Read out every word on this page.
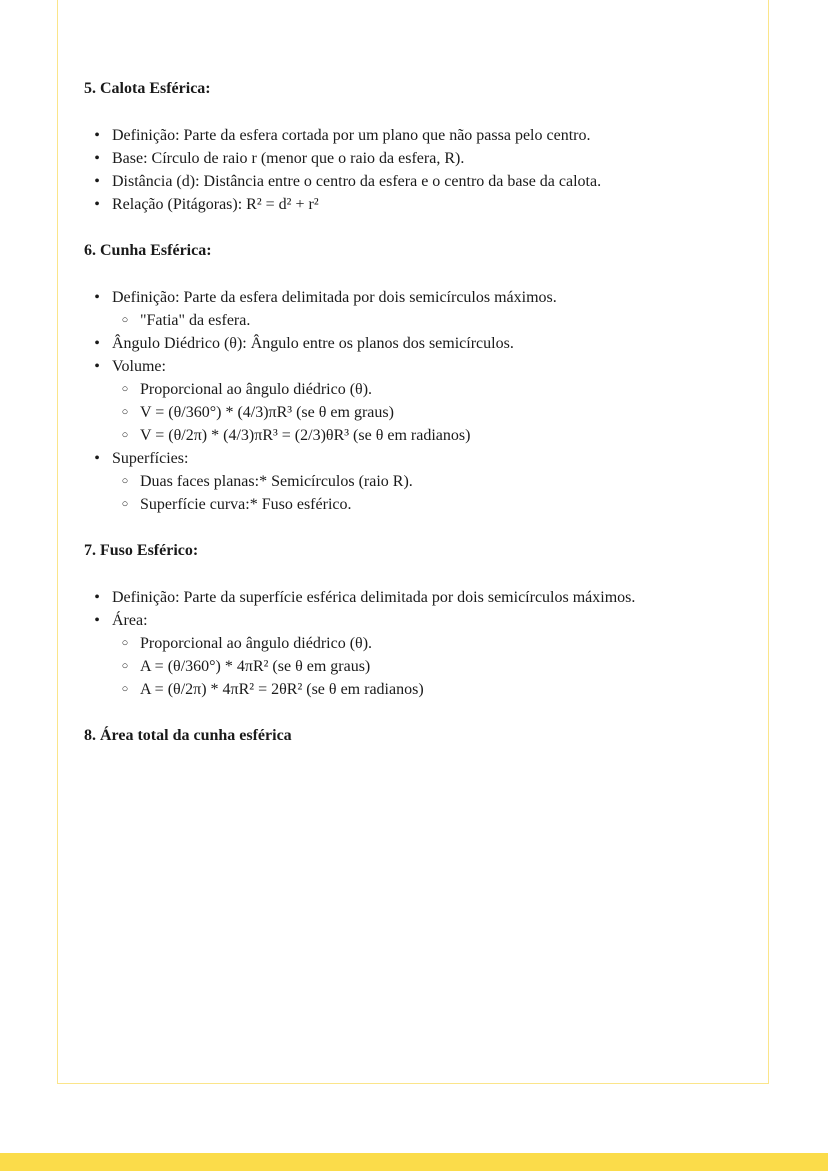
5. Calota Esférica:
• Definição: Parte da esfera cortada por um plano que não passa pelo centro.
• Base: Círculo de raio r (menor que o raio da esfera, R).
• Distância (d): Distância entre o centro da esfera e o centro da base da calota.
• Relação (Pitágoras): R² = d² + r²
6. Cunha Esférica:
• Definição: Parte da esfera delimitada por dois semicírculos máximos.
○ "Fatia" da esfera.
• Ângulo Diédrico (θ): Ângulo entre os planos dos semicírculos.
• Volume:
○ Proporcional ao ângulo diédrico (θ).
○ V = (θ/360°) * (4/3)πR³ (se θ em graus)
○ V = (θ/2π) * (4/3)πR³ = (2/3)θR³ (se θ em radianos)
• Superfícies:
○ Duas faces planas:* Semicírculos (raio R).
○ Superfície curva:* Fuso esférico.
7. Fuso Esférico:
• Definição: Parte da superfície esférica delimitada por dois semicírculos máximos.
• Área:
○ Proporcional ao ângulo diédrico (θ).
○ A = (θ/360°) * 4πR² (se θ em graus)
○ A = (θ/2π) * 4πR² = 2θR² (se θ em radianos)
8. Área total da cunha esférica
